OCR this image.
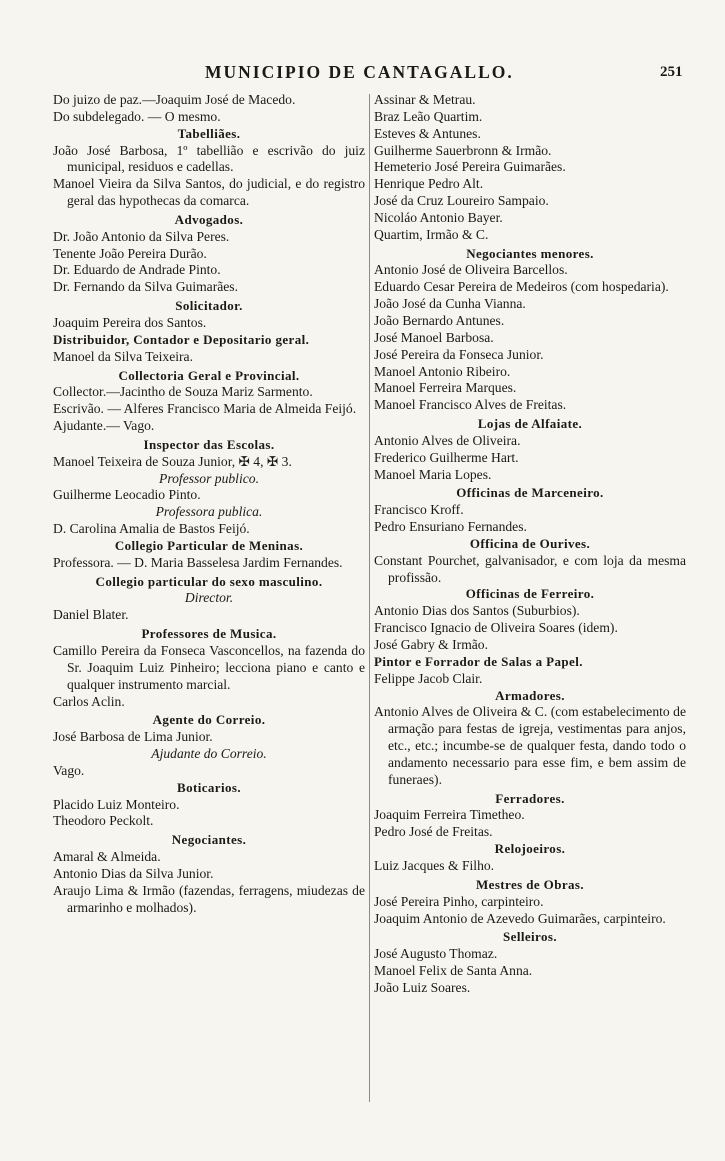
MUNICIPIO DE CANTAGALLO.	251
Do juizo de paz.—Joaquim José de Macedo.
Do subdelegado. — O mesmo.
Tabelliães.
João José Barbosa, 1º tabellião e escrivão do juiz municipal, residuos e cadellas.
Manoel Vieira da Silva Santos, do judicial, e do registro geral das hypothecas da comarca.
Advogados.
Dr. João Antonio da Silva Peres.
Tenente João Pereira Durão.
Dr. Eduardo de Andrade Pinto.
Dr. Fernando da Silva Guimarães.
Solicitador.
Joaquim Pereira dos Santos.
Distribuidor, Contador e Depositario geral.
Manoel da Silva Teixeira.
Collectoria Geral e Provincial.
Collector.—Jacintho de Souza Mariz Sarmento.
Escrivão. — Alferes Francisco Maria de Almeida Feijó.
Ajudante.— Vago.
Inspector das Escolas.
Manoel Teixeira de Souza Junior, ✠ 4, ✠ 3.
Professor publico.
Guilherme Leocadio Pinto.
Professora publica.
D. Carolina Amalia de Bastos Feijó.
Collegio Particular de Meninas.
Professora. — D. Maria Basselesa Jardim Fernandes.
Collegio particular do sexo masculino.
Director.
Daniel Blater.
Professores de Musica.
Camillo Pereira da Fonseca Vasconcellos, na fazenda do Sr. Joaquim Luiz Pinheiro; lecciona piano e canto e qualquer instrumento marcial.
Carlos Aclin.
Agente do Correio.
José Barbosa de Lima Junior.
Ajudante do Correio.
Vago.
Boticarios.
Placido Luiz Monteiro.
Theodoro Peckolt.
Negociantes.
Amaral & Almeida.
Antonio Dias da Silva Junior.
Araujo Lima & Irmão (fazendas, ferragens, miudezas de armarinho e molhados).
Assinar & Metrau.
Braz Leão Quartim.
Esteves & Antunes.
Guilherme Sauerbronn & Irmão.
Hemeterio José Pereira Guimarães.
Henrique Pedro Alt.
José da Cruz Loureiro Sampaio.
Nicoláo Antonio Bayer.
Quartim, Irmão & C.
Negociantes menores.
Antonio José de Oliveira Barcellos.
Eduardo Cesar Pereira de Medeiros (com hospedaria).
João José da Cunha Vianna.
João Bernardo Antunes.
José Manoel Barbosa.
José Pereira da Fonseca Junior.
Manoel Antonio Ribeiro.
Manoel Ferreira Marques.
Manoel Francisco Alves de Freitas.
Lojas de Alfaiate.
Antonio Alves de Oliveira.
Frederico Guilherme Hart.
Manoel Maria Lopes.
Officinas de Marceneiro.
Francisco Kroff.
Pedro Ensuriano Fernandes.
Officina de Ourives.
Constant Pourchet, galvanisador, e com loja da mesma profissão.
Officinas de Ferreiro.
Antonio Dias dos Santos (Suburbios).
Francisco Ignacio de Oliveira Soares (idem).
José Gabry & Irmão.
Pintor e Forrador de Salas a Papel.
Felippe Jacob Clair.
Armadores.
Antonio Alves de Oliveira & C. (com estabelecimento de armação para festas de igreja, vestimentas para anjos, etc., etc.; incumbe-se de qualquer festa, dando todo o andamento necessario para esse fim, e bem assim de funeraes).
Ferradores.
Joaquim Ferreira Timetheo.
Pedro José de Freitas.
Relojoeiros.
Luiz Jacques & Filho.
Mestres de Obras.
José Pereira Pinho, carpinteiro.
Joaquim Antonio de Azevedo Guimarães, carpinteiro.
Selleiros.
José Augusto Thomaz.
Manoel Felix de Santa Anna.
João Luiz Soares.
